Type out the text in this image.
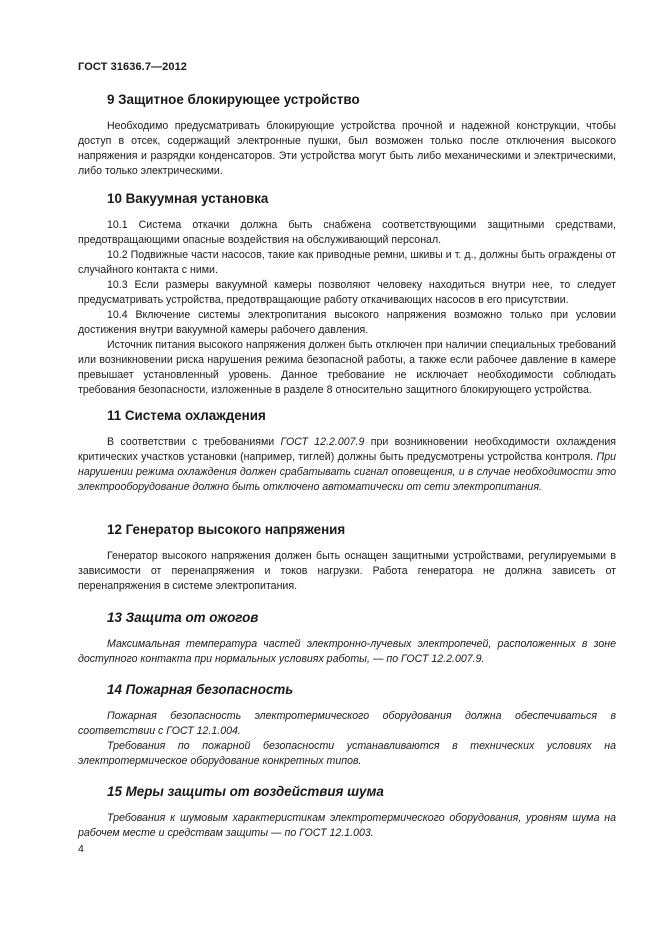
ГОСТ 31636.7—2012
9 Защитное блокирующее устройство

Необходимо предусматривать блокирующие устройства прочной и надежной конструкции, чтобы доступ в отсек, содержащий электронные пушки, был возможен только после отключения высокого напряжения и разрядки конденсаторов. Эти устройства могут быть либо механическими и электрическими, либо только электрическими.

10 Вакуумная установка

10.1 Система откачки должна быть снабжена соответствующими защитными средствами, предотвращающими опасные воздействия на обслуживающий персонал.

10.2 Подвижные части насосов, такие как приводные ремни, шкивы и т. д., должны быть ограждены от случайного контакта с ними.

10.3 Если размеры вакуумной камеры позволяют человеку находиться внутри нее, то следует предусматривать устройства, предотвращающие работу откачивающих насосов в его присутствии.

10.4 Включение системы электропитания высокого напряжения возможно только при условии достижения внутри вакуумной камеры рабочего давления.

Источник питания высокого напряжения должен быть отключен при наличии специальных требований или возникновении риска нарушения режима безопасной работы, а также если рабочее давление в камере превышает установленный уровень. Данное требование не исключает необходимости соблюдать требования безопасности, изложенные в разделе 8 относительно защитного блокирующего устройства.

11 Система охлаждения

В соответствии с требованиями ГОСТ 12.2.007.9 при возникновении необходимости охлаждения критических участков установки (например, тиглей) должны быть предусмотрены устройства контроля. При нарушении режима охлаждения должен срабатывать сигнал оповещения, и в случае необходимости это электрооборудование должно быть отключено автоматически от сети электропитания.

12 Генератор высокого напряжения

Генератор высокого напряжения должен быть оснащен защитными устройствами, регулируемыми в зависимости от перенапряжения и токов нагрузки. Работа генератора не должна зависеть от перенапряжения в системе электропитания.

13 Защита от ожогов

Максимальная температура частей электронно-лучевых электропечей, расположенных в зоне доступного контакта при нормальных условиях работы, — по ГОСТ 12.2.007.9.

14 Пожарная безопасность

Пожарная безопасность электротермического оборудования должна обеспечиваться в соответствии с ГОСТ 12.1.004.

Требования по пожарной безопасности устанавливаются в технических условиях на электротермическое оборудование конкретных типов.

15 Меры защиты от воздействия шума

Требования к шумовым характеристикам электротермического оборудования, уровням шума на рабочем месте и средствам защиты — по ГОСТ 12.1.003.

4
